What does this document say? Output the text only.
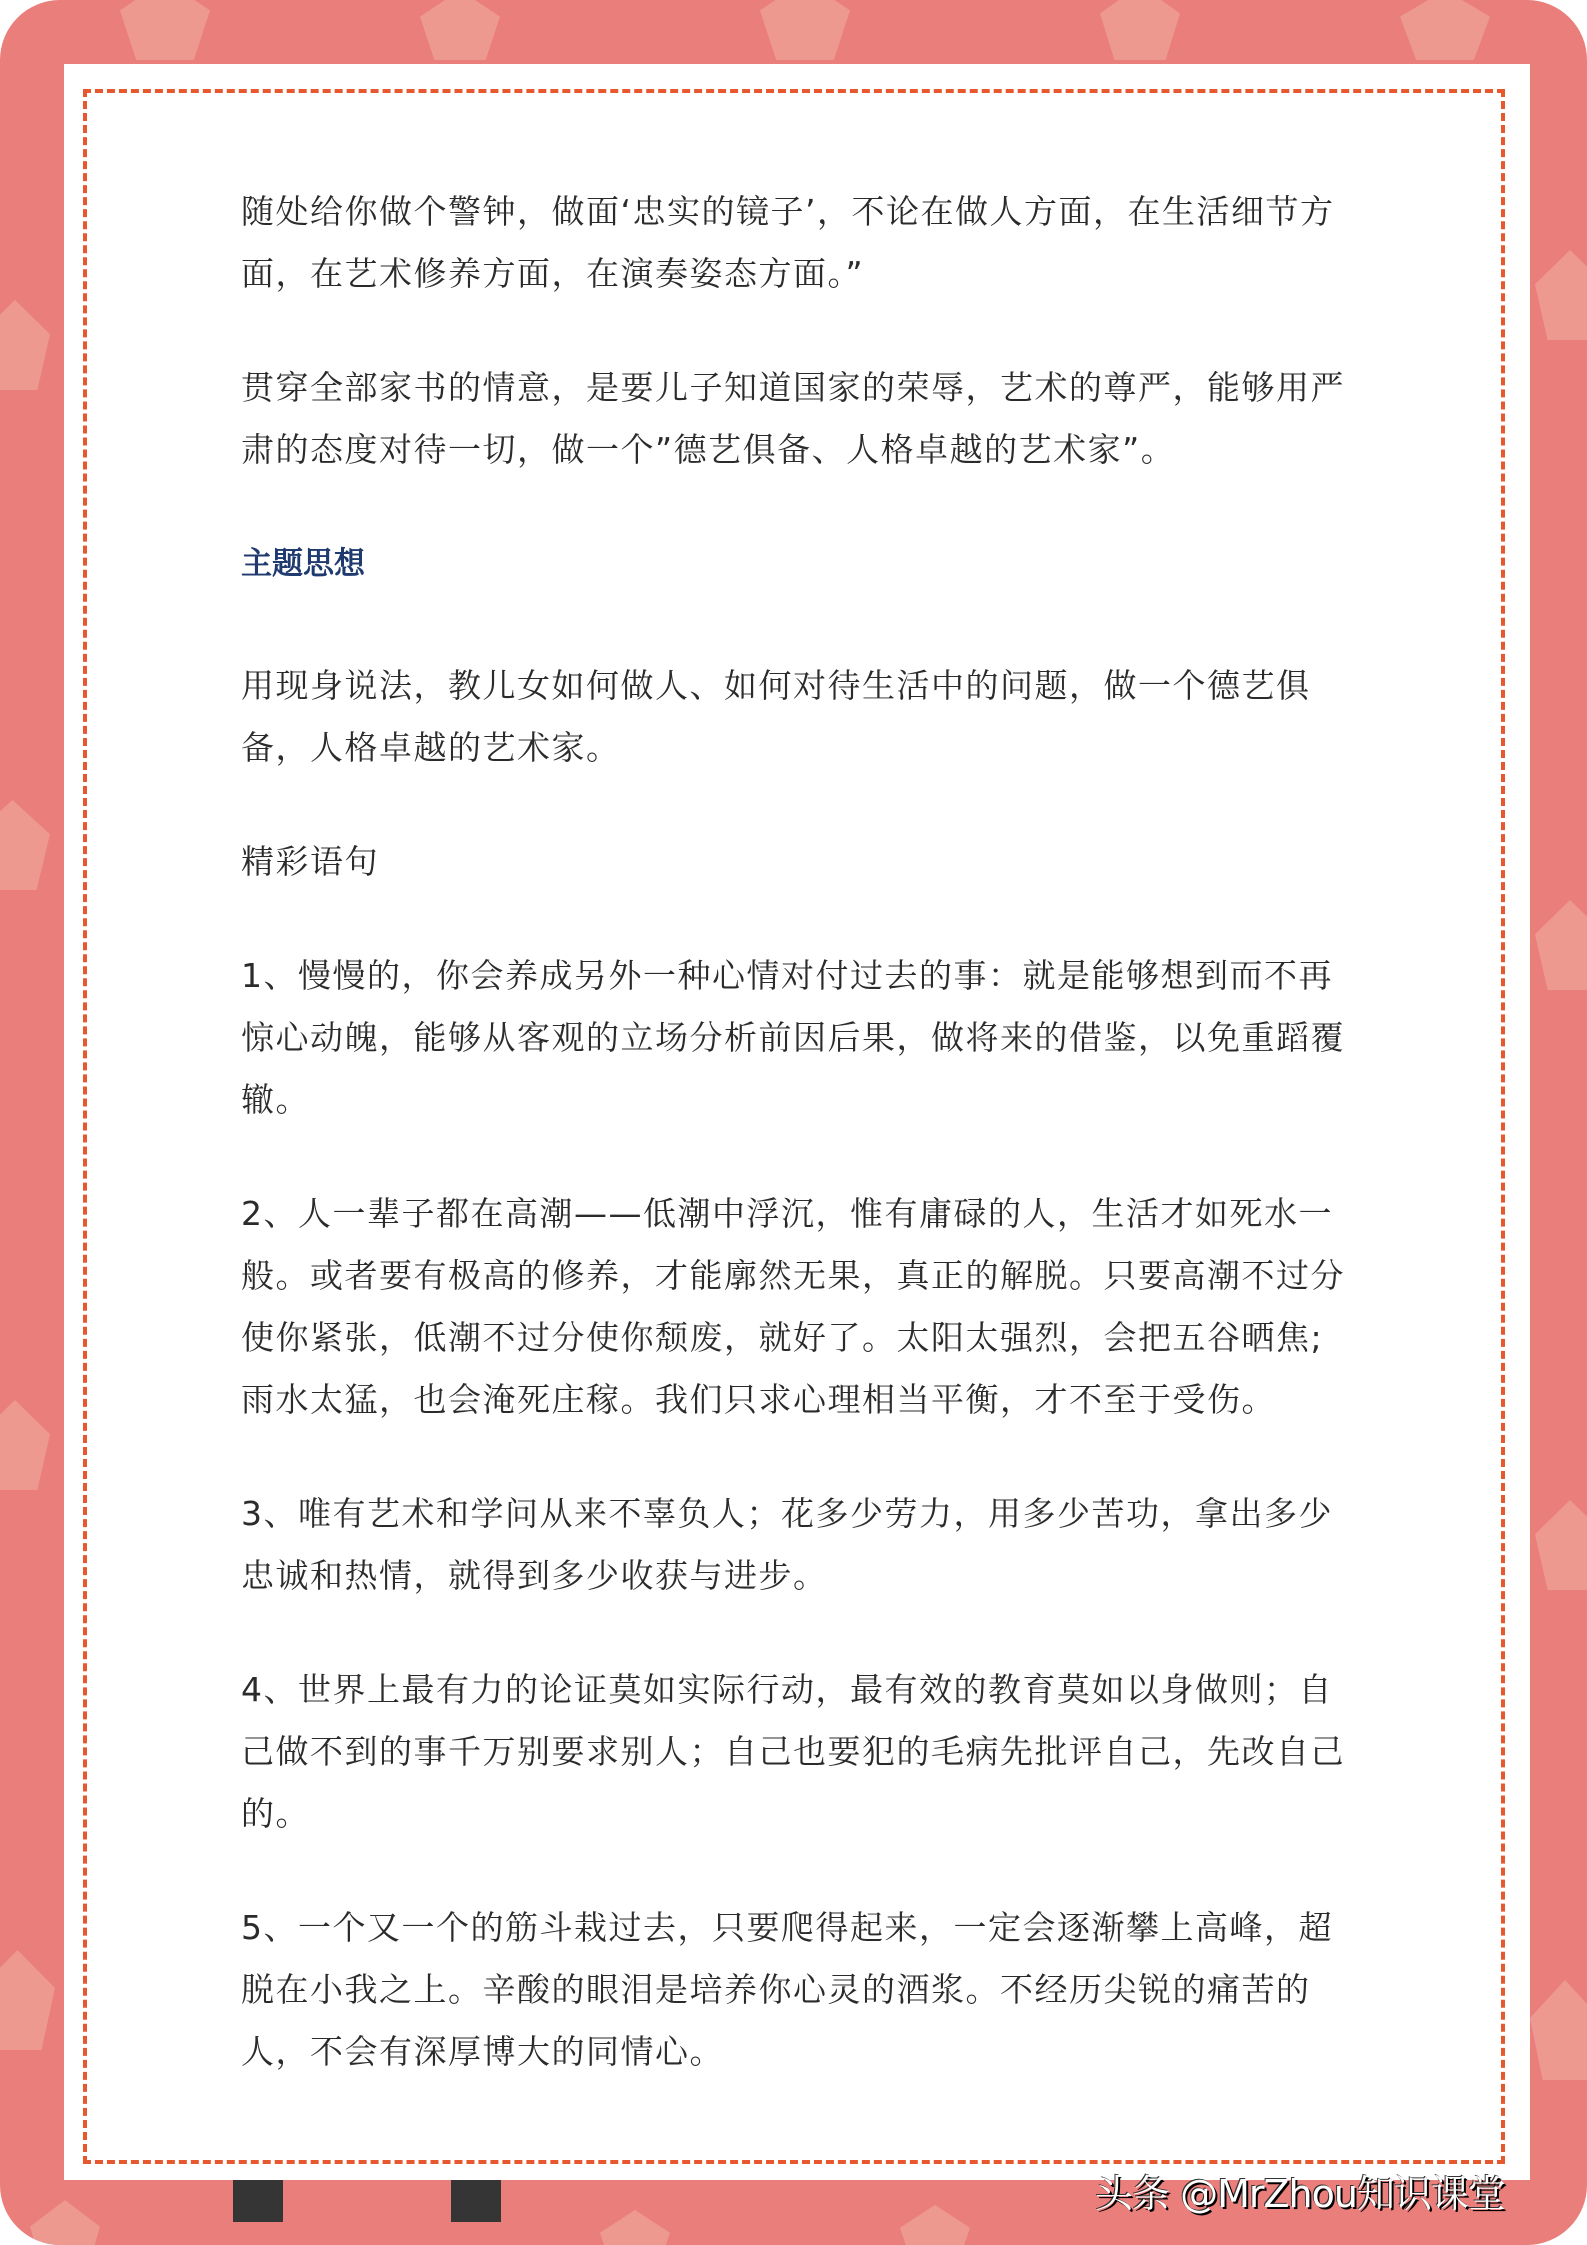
随处给你做个警钟，做面‘忠实的镜子’，不论在做人方面，在生活细节方面，在艺术修养方面，在演奏姿态方面。”

贯穿全部家书的情意，是要儿子知道国家的荣辱，艺术的尊严，能够用严肃的态度对待一切，做一个”德艺俱备、人格卓越的艺术家”。

主题思想

用现身说法，教儿女如何做人、如何对待生活中的问题，做一个德艺俱备，人格卓越的艺术家。

精彩语句

1、慢慢的，你会养成另外一种心情对付过去的事：就是能够想到而不再惊心动魄，能够从客观的立场分析前因后果，做将来的借鉴，以免重蹈覆辙。

2、人一辈子都在高潮——低潮中浮沉，惟有庸碌的人，生活才如死水一般。或者要有极高的修养，才能廓然无果，真正的解脱。只要高潮不过分使你紧张，低潮不过分使你颓废，就好了。太阳太强烈，会把五谷晒焦;雨水太猛，也会淹死庄稼。我们只求心理相当平衡，才不至于受伤。

3、唯有艺术和学问从来不辜负人；花多少劳力，用多少苦功，拿出多少忠诚和热情，就得到多少收获与进步。

4、世界上最有力的论证莫如实际行动，最有效的教育莫如以身做则；自己做不到的事千万别要求别人；自己也要犯的毛病先批评自己，先改自己的。

5、一个又一个的筋斗栽过去，只要爬得起来，一定会逐渐攀上高峰，超脱在小我之上。辛酸的眼泪是培养你心灵的酒浆。不经历尖锐的痛苦的人，不会有深厚博大的同情心。

头条 @MrZhou知识课堂
